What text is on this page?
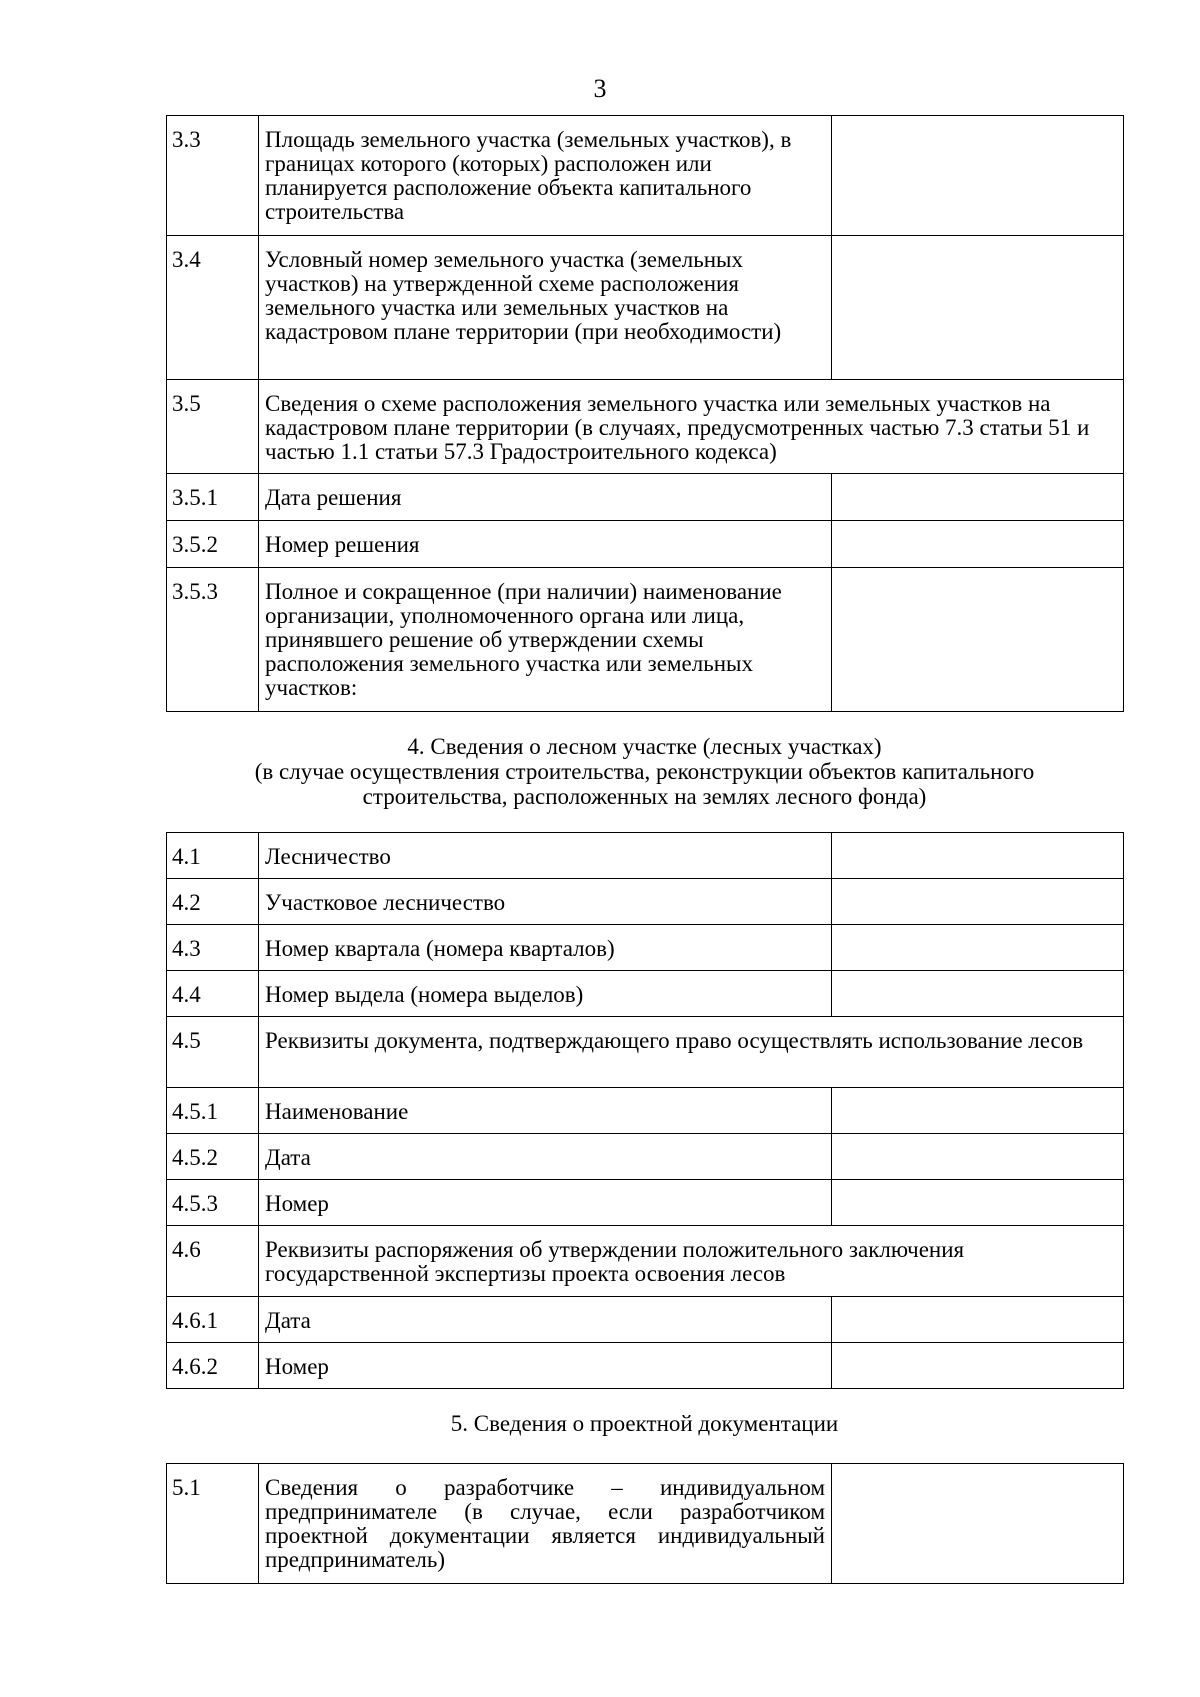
3
3.3	Площадь земельного участка (земельных участков), в границах которого (которых) расположен или планируется расположение объекта капитального строительства	
3.4	Условный номер земельного участка (земельных участков) на утвержденной схеме расположения земельного участка или земельных участков на кадастровом плане территории (при необходимости)	
3.5	Сведения о схеме расположения земельного участка или земельных участков на кадастровом плане территории (в случаях, предусмотренных частью 7.3 статьи 51 и частью 1.1 статьи 57.3 Градостроительного кодекса)	
3.5.1	Дата решения	
3.5.2	Номер решения	
3.5.3	Полное и сокращенное (при наличии) наименование организации, уполномоченного органа или лица, принявшего решение об утверждении схемы расположения земельного участка или земельных участков:	
4. Сведения о лесном участке (лесных участках)
(в случае осуществления строительства, реконструкции объектов капитального
строительства, расположенных на землях лесного фонда)
4.1	Лесничество	
4.2	Участковое лесничество	
4.3	Номер квартала (номера кварталов)	
4.4	Номер выдела (номера выделов)	
4.5	Реквизиты документа, подтверждающего право осуществлять использование лесов	
4.5.1	Наименование	
4.5.2	Дата	
4.5.3	Номер	
4.6	Реквизиты распоряжения об утверждении положительного заключения государственной экспертизы проекта освоения лесов	
4.6.1	Дата	
4.6.2	Номер	
5. Сведения о проектной документации
5.1	Сведения о разработчике – индивидуальном предпринимателе (в случае, если разработчиком проектной документации является индивидуальный предприниматель)	
